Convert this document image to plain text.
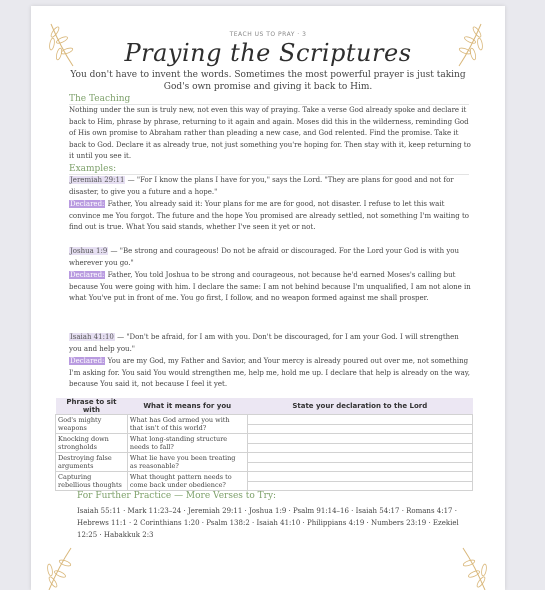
TEACH US TO PRAY · 3
Praying the Scriptures
You don't have to invent the words. Sometimes the most powerful prayer is just taking God's own promise and giving it back to Him.
The Teaching
Nothing under the sun is truly new, not even this way of praying. Take a verse God already spoke and declare it back to Him, phrase by phrase, returning to it again and again. Moses did this in the wilderness, reminding God of His own promise to Abraham rather than pleading a new case, and God relented. Find the promise. Take it back to God. Declare it as already true, not just something you're hoping for. Then stay with it, keep returning to it until you see it.
Examples:
Jeremiah 29:11 — "For I know the plans I have for you," says the Lord. "They are plans for good and not for disaster, to give you a future and a hope."
Declared: Father, You already said it: Your plans for me are for good, not disaster. I refuse to let this wait convince me You forgot. The future and the hope You promised are already settled, not something I'm waiting to find out is true. What You said stands, whether I've seen it yet or not.
Joshua 1:9 — "Be strong and courageous! Do not be afraid or discouraged. For the Lord your God is with you wherever you go."
Declared: Father, You told Joshua to be strong and courageous, not because he'd earned Moses's calling but because You were going with him. I declare the same: I am not behind because I'm unqualified, I am not alone in what You've put in front of me. You go first, I follow, and no weapon formed against me shall prosper.
Isaiah 41:10 — "Don't be afraid, for I am with you. Don't be discouraged, for I am your God. I will strengthen you and help you."
Declared: You are my God, my Father and Savior, and Your mercy is already poured out over me, not something I'm asking for. You said You would strengthen me, help me, hold me up. I declare that help is already on the way, because You said it, not because I feel it yet.
Phrase to sit with	What it means for you	State your declaration to the Lord
God's mighty weapons	What has God armed you with that isn't of this world?	

Knocking down strongholds	What long-standing structure needs to fall?	

Destroying false arguments	What lie have you been treating as reasonable?	

Capturing rebellious thoughts	What thought pattern needs to come back under obedience?	
For Further Practice — More Verses to Try:
Isaiah 55:11 · Mark 11:23–24 · Jeremiah 29:11 · Joshua 1:9 · Psalm 91:14–16 · Isaiah 54:17 · Romans 4:17 · Hebrews 11:1 · 2 Corinthians 1:20 · Psalm 138:2 · Isaiah 41:10 · Philippians 4:19 · Numbers 23:19 · Ezekiel 12:25 · Habakkuk 2:3
